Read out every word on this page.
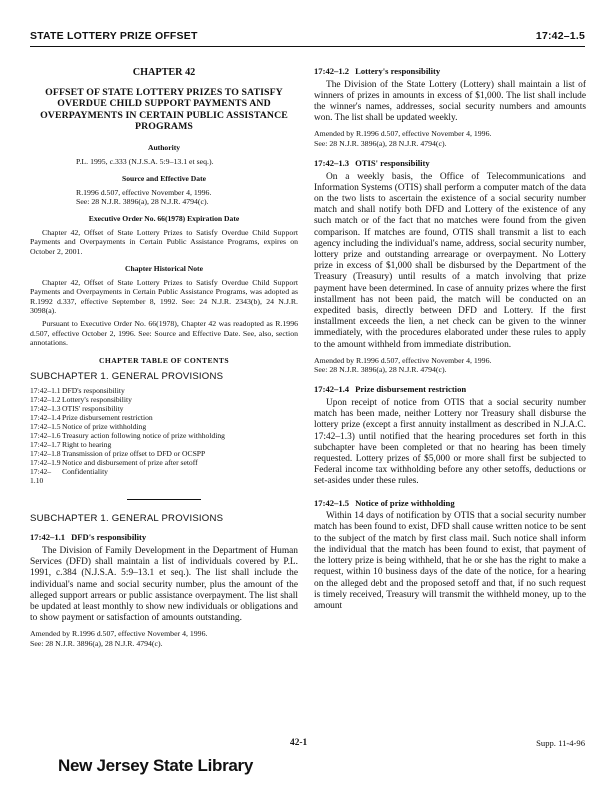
STATE LOTTERY PRIZE OFFSET	17:42–1.5
CHAPTER 42
OFFSET OF STATE LOTTERY PRIZES TO SATISFY OVERDUE CHILD SUPPORT PAYMENTS AND OVERPAYMENTS IN CERTAIN PUBLIC ASSISTANCE PROGRAMS
Authority

P.L. 1995, c.333 (N.J.S.A. 5:9–13.1 et seq.).

Source and Effective Date

R.1996 d.507, effective November 4, 1996.

See: 28 N.J.R. 3896(a), 28 N.J.R. 4794(c).

Executive Order No. 66(1978) Expiration Date

Chapter 42, Offset of State Lottery Prizes to Satisfy Overdue Child Support Payments and Overpayments in Certain Public Assistance Programs, expires on October 2, 2001.

Chapter Historical Note

Chapter 42, Offset of State Lottery Prizes to Satisfy Overdue Child Support Payments and Overpayments in Certain Public Assistance Programs, was adopted as R.1992 d.337, effective September 8, 1992. See: 24 N.J.R. 2343(b), 24 N.J.R. 3098(a).

Pursuant to Executive Order No. 66(1978), Chapter 42 was readopted as R.1996 d.507, effective October 2, 1996. See: Source and Effective Date. See, also, section annotations.

CHAPTER TABLE OF CONTENTS
SUBCHAPTER 1. GENERAL PROVISIONS
17:42–1.1 DFD's responsibility
17:42–1.2 Lottery's responsibility
17:42–1.3 OTIS' responsibility
17:42–1.4 Prize disbursement restriction
17:42–1.5 Notice of prize withholding
17:42–1.6 Treasury action following notice of prize withholding
17:42–1.7 Right to hearing
17:42–1.8 Transmission of prize offset to DFD or OCSPP
17:42–1.9 Notice and disbursement of prize after setoff
17:42–1.10
Confidentiality
SUBCHAPTER 1. GENERAL PROVISIONS
17:42–1.1 DFD's responsibility

The Division of Family Development in the Department of Human Services (DFD) shall maintain a list of individuals covered by P.L. 1991, c.384 (N.J.S.A. 5:9–13.1 et seq.). The list shall include the individual's name and social security number, plus the amount of the alleged support arrears or public assistance overpayment. The list shall be updated at least monthly to show new individuals or obligations and to show payment or satisfaction of amounts outstanding.

Amended by R.1996 d.507, effective November 4, 1996.

See: 28 N.J.R. 3896(a), 28 N.J.R. 4794(c).

17:42–1.2 Lottery's responsibility

The Division of the State Lottery (Lottery) shall maintain a list of winners of prizes in amounts in excess of $1,000. The list shall include the winner's names, addresses, social security numbers and amounts won. The list shall be updated weekly.

Amended by R.1996 d.507, effective November 4, 1996.

See: 28 N.J.R. 3896(a), 28 N.J.R. 4794(c).

17:42–1.3 OTIS' responsibility

On a weekly basis, the Office of Telecommunications and Information Systems (OTIS) shall perform a computer match of the data on the two lists to ascertain the existence of a social security number match and shall notify both DFD and Lottery of the existence of any such match or of the fact that no matches were found from the given comparison. If matches are found, OTIS shall transmit a list to each agency including the individual's name, address, social security number, lottery prize and outstanding arrearage or overpayment. No Lottery prize in excess of $1,000 shall be disbursed by the Department of the Treasury (Treasury) until results of a match involving that prize payment have been determined. In case of annuity prizes where the first installment has not been paid, the match will be conducted on an expedited basis, directly between DFD and Lottery. If the first installment exceeds the lien, a net check can be given to the winner immediately, with the procedures elaborated under these rules to apply to the amount withheld from immediate distribution.

Amended by R.1996 d.507, effective November 4, 1996.

See: 28 N.J.R. 3896(a), 28 N.J.R. 4794(c).

17:42–1.4 Prize disbursement restriction

Upon receipt of notice from OTIS that a social security number match has been made, neither Lottery nor Treasury shall disburse the lottery prize (except a first annuity installment as described in N.J.A.C. 17:42–1.3) until notified that the hearing procedures set forth in this subchapter have been completed or that no hearing has been timely requested. Lottery prizes of $5,000 or more shall first be subjected to Federal income tax withholding before any other setoffs, deductions or set-asides under these rules.

17:42–1.5 Notice of prize withholding

Within 14 days of notification by OTIS that a social security number match has been found to exist, DFD shall cause written notice to be sent to the subject of the match by first class mail. Such notice shall inform the individual that the match has been found to exist, that payment of the lottery prize is being withheld, that he or she has the right to make a request, within 10 business days of the date of the notice, for a hearing on the alleged debt and the proposed setoff and that, if no such request is timely received, Treasury will transmit the withheld money, up to the amount

42-1	Supp. 11-4-96
New Jersey State Library
